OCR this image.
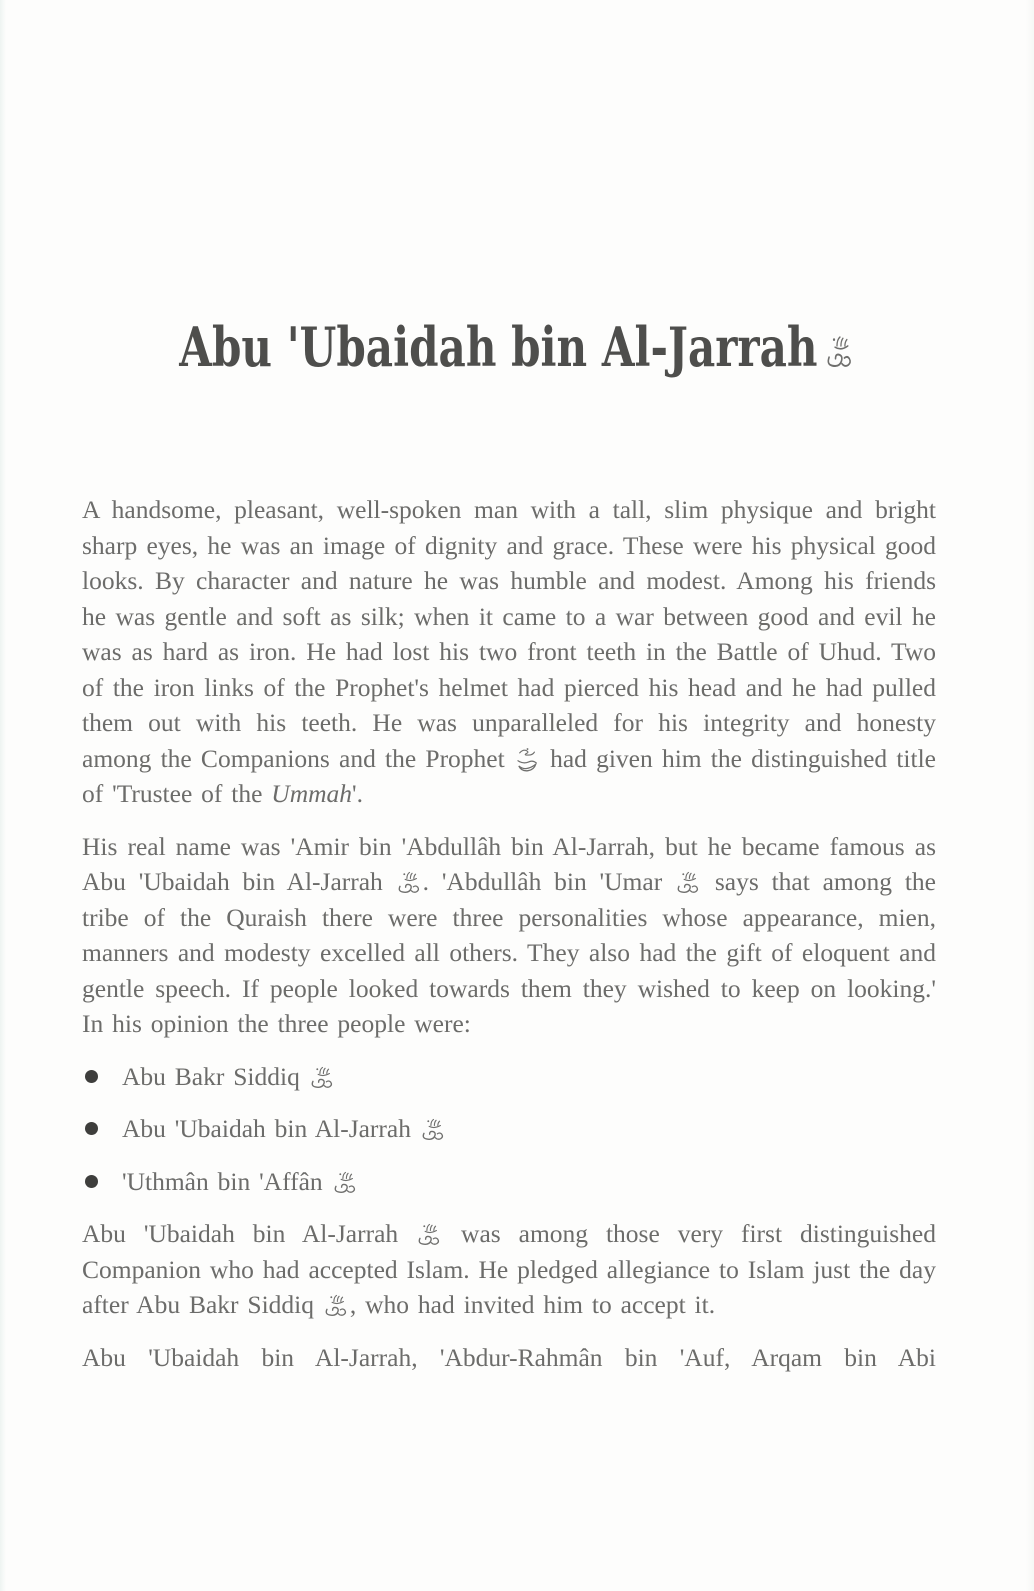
Abu 'Ubaidah bin Al-Jarrah

A handsome, pleasant, well-spoken man with a tall, slim physique and bright sharp eyes, he was an image of dignity and grace. These were his physical good looks. By character and nature he was humble and modest. Among his friends he was gentle and soft as silk; when it came to a war between good and evil he was as hard as iron. He had lost his two front teeth in the Battle of Uhud. Two of the iron links of the Prophet's helmet had pierced his head and he had pulled them out with his teeth. He was unparalleled for his integrity and honesty among the Companions and the Prophet  had given him the distinguished title of 'Trustee of the Ummah'.

His real name was 'Amir bin 'Abdullâh bin Al-Jarrah, but he became famous as Abu 'Ubaidah bin Al-Jarrah . 'Abdullâh bin 'Umar  says that among the tribe of the Quraish there were three personalities whose appearance, mien, manners and modesty excelled all others. They also had the gift of eloquent and gentle speech. If people looked towards them they wished to keep on looking.' In his opinion the three people were:

Abu Bakr Siddiq
Abu 'Ubaidah bin Al-Jarrah
'Uthmân bin 'Affân

Abu 'Ubaidah bin Al-Jarrah  was among those very first distinguished Companion who had accepted Islam. He pledged allegiance to Islam just the day after Abu Bakr Siddiq , who had invited him to accept it.

Abu 'Ubaidah bin Al-Jarrah, 'Abdur-Rahmân bin 'Auf, Arqam bin Abi
